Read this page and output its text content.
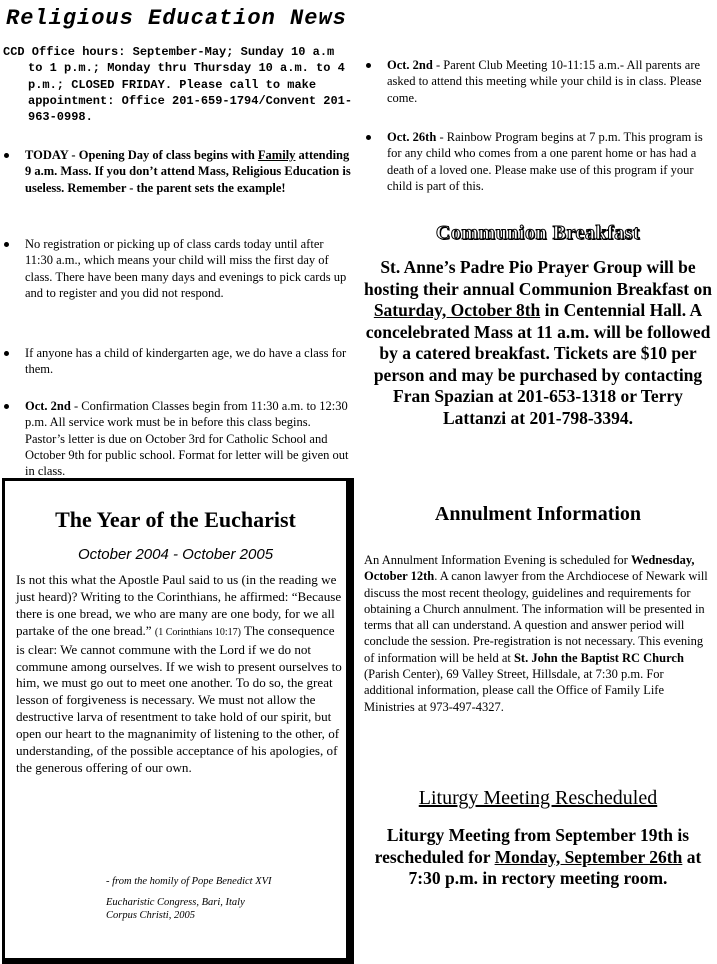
Religious Education News
CCD Office hours: September-May; Sunday 10 a.m
to 1 p.m.; Monday thru Thursday 10 a.m. to 4 p.m.; CLOSED FRIDAY. Please call to make appointment: Office 201-659-1794/Convent 201-963-0998.
TODAY - Opening Day of class begins with Family attending 9 a.m. Mass. If you don’t attend Mass, Religious Education is useless. Remember - the parent sets the example!
No registration or picking up of class cards today until after 11:30 a.m., which means your child will miss the first day of class. There have been many days and evenings to pick cards up and to register and you did not respond.
If anyone has a child of kindergarten age, we do have a class for them.
Oct. 2nd - Confirmation Classes begin from 11:30 a.m. to 12:30 p.m. All service work must be in before this class begins. Pastor’s letter is due on October 3rd for Catholic School and October 9th for public school. Format for letter will be given out in class.
The Year of the Eucharist
October 2004 - October 2005
Is not this what the Apostle Paul said to us (in the reading we just heard)? Writing to the Corinthians, he affirmed: “Because there is one bread, we who are many are one body, for we all partake of the one bread.” (1 Corinthians 10:17) The consequence is clear: We cannot commune with the Lord if we do not commune among ourselves. If we wish to present ourselves to him, we must go out to meet one another. To do so, the great lesson of forgiveness is necessary. We must not allow the destructive larva of resentment to take hold of our spirit, but open our heart to the magnanimity of listening to the other, of understanding, of the possible acceptance of his apologies, of the generous offering of our own.
- from the homily of Pope Benedict XVI
Eucharistic Congress, Bari, Italy
Corpus Christi, 2005
Oct. 2nd - Parent Club Meeting 10-11:15 a.m.- All parents are asked to attend this meeting while your child is in class. Please come.
Oct. 26th - Rainbow Program begins at 7 p.m. This program is for any child who comes from a one parent home or has had a death of a loved one. Please make use of this program if your child is part of this.
Communion Breakfast
St. Anne’s Padre Pio Prayer Group will be hosting their annual Communion Breakfast on Saturday, October 8th in Centennial Hall. A concelebrated Mass at 11 a.m. will be followed by a catered breakfast. Tickets are $10 per person and may be purchased by contacting Fran Spazian at 201-653-1318 or Terry Lattanzi at 201-798-3394.
Annulment Information
An Annulment Information Evening is scheduled for Wednesday, October 12th. A canon lawyer from the Archdiocese of Newark will discuss the most recent theology, guidelines and requirements for obtaining a Church annulment. The information will be presented in terms that all can understand. A question and answer period will conclude the session. Pre-registration is not necessary. This evening of information will be held at St. John the Baptist RC Church (Parish Center), 69 Valley Street, Hillsdale, at 7:30 p.m. For additional information, please call the Office of Family Life Ministries at 973-497-4327.
Liturgy Meeting Rescheduled
Liturgy Meeting from September 19th is rescheduled for Monday, September 26th at 7:30 p.m. in rectory meeting room.
